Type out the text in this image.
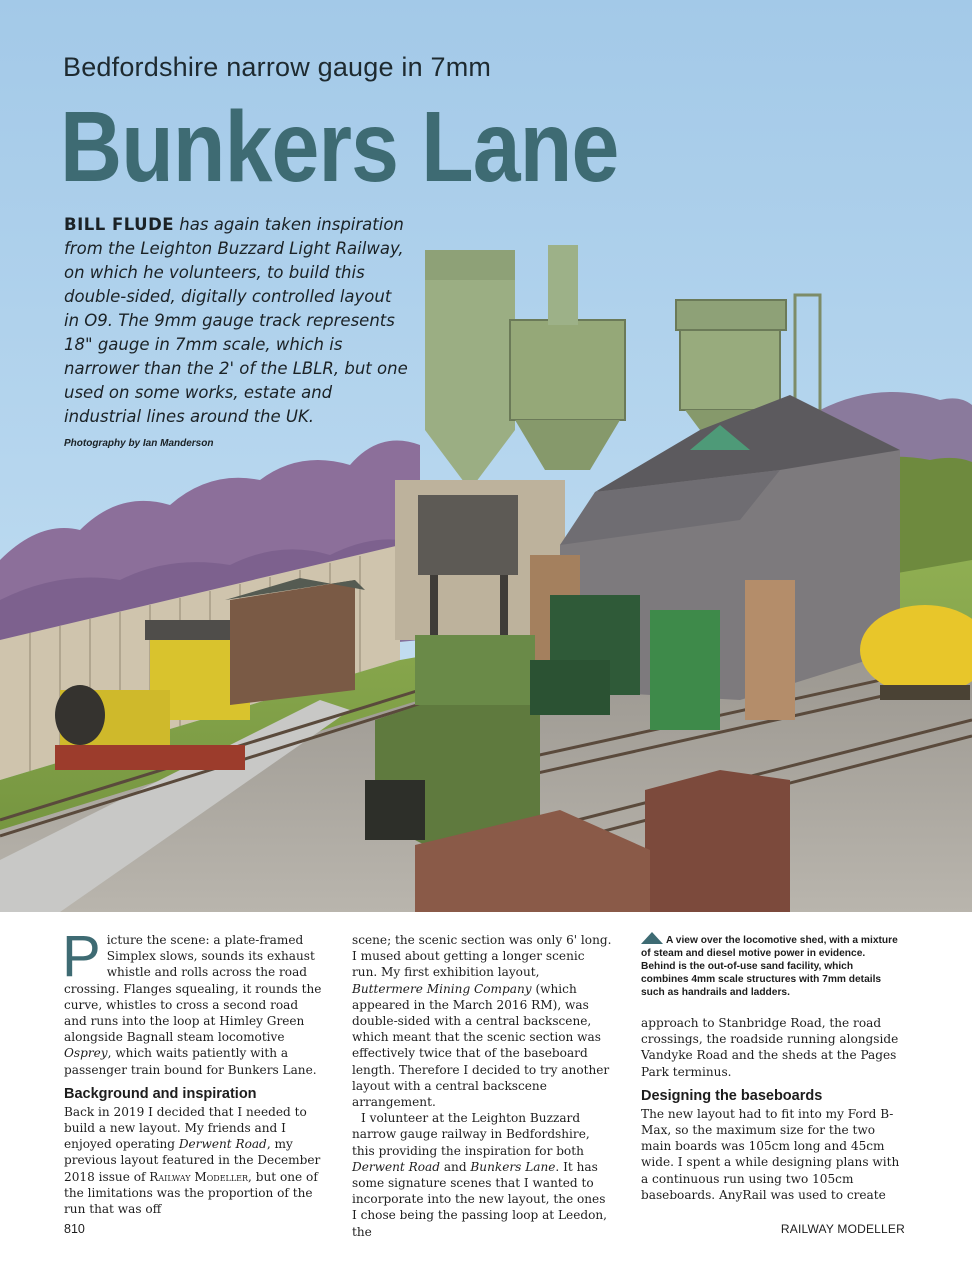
Bedfordshire narrow gauge in 7mm
Bunkers Lane
BILL FLUDE has again taken inspiration from the Leighton Buzzard Light Railway, on which he volunteers, to build this double-sided, digitally controlled layout in O9. The 9mm gauge track represents 18" gauge in 7mm scale, which is narrower than the 2' of the LBLR, but one used on some works, estate and industrial lines around the UK.
Photography by Ian Manderson

Picture the scene: a plate-framed Simplex slows, sounds its exhaust whistle and rolls across the road crossing. Flanges squealing, it rounds the curve, whistles to cross a second road and runs into the loop at Himley Green alongside Bagnall steam locomotive Osprey, which waits patiently with a passenger train bound for Bunkers Lane.

Background and inspiration

Back in 2019 I decided that I needed to build a new layout. My friends and I enjoyed operating Derwent Road, my previous layout featured in the December 2018 issue of Railway Modeller, but one of the limitations was the proportion of the run that was off

scene; the scenic section was only 6' long. I mused about getting a longer scenic run. My first exhibition layout, Buttermere Mining Company (which appeared in the March 2016 RM), was double-sided with a central backscene, which meant that the scenic section was effectively twice that of the baseboard length. Therefore I decided to try another layout with a central backscene arrangement.

I volunteer at the Leighton Buzzard narrow gauge railway in Bedfordshire, this providing the inspiration for both Derwent Road and Bunkers Lane. It has some signature scenes that I wanted to incorporate into the new layout, the ones I chose being the passing loop at Leedon, the

A view over the locomotive shed, with a mixture of steam and diesel motive power in evidence. Behind is the out-of-use sand facility, which combines 4mm scale structures with 7mm details such as handrails and ladders.

approach to Stanbridge Road, the road crossings, the roadside running alongside Vandyke Road and the sheds at the Pages Park terminus.

Designing the baseboards

The new layout had to fit into my Ford B-Max, so the maximum size for the two main boards was 105cm long and 45cm wide. I spent a while designing plans with a continuous run using two 105cm baseboards. AnyRail was used to create

810	RAILWAY MODELLER
